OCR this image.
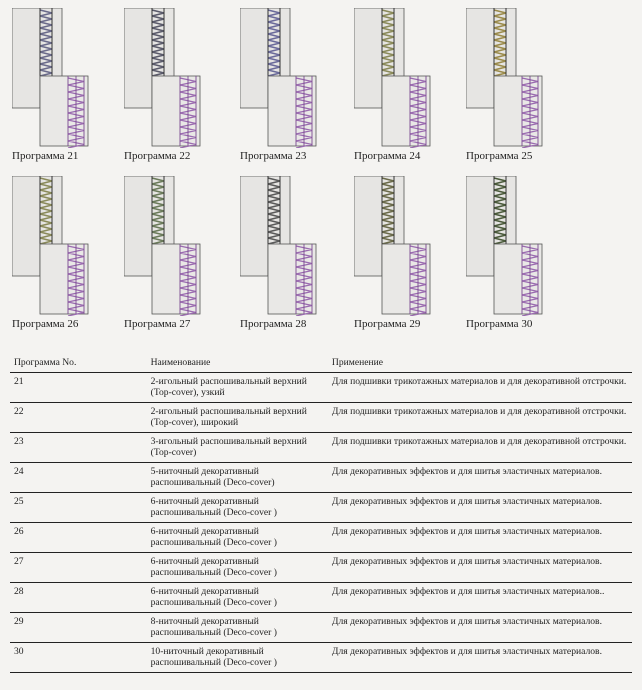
Программа 21	Программа 22	Программа 23	Программа 24	Программа 25
Программа 26	Программа 27	Программа 28	Программа 29	Программа 30
Программа No.	Наименование	Применение
21	2-игольный распошивальный верхний (Top-cover), узкий	Для подшивки трикотажных материалов и для декоративной отстрочки.
22	2-игольный распошивальный верхний (Top-cover), широкий	Для подшивки трикотажных материалов и для декоративной отстрочки.
23	3-игольный распошивальный верхний (Top-cover)	Для подшивки трикотажных материалов и для декоративной отстрочки.
24	5-ниточный декоративный распошивальный (Deco-cover)	Для декоративных эффектов и для шитья эластичных материалов.
25	6-ниточный декоративный распошивальный (Deco-cover )	Для декоративных эффектов и для шитья эластичных материалов.
26	6-ниточный декоративный распошивальный (Deco-cover )	Для декоративных эффектов и для шитья эластичных материалов.
27	6-ниточный декоративный распошивальный (Deco-cover )	Для декоративных эффектов и для шитья эластичных материалов.
28	6-ниточный декоративный распошивальный (Deco-cover )	Для декоративных эффектов и для шитья эластичных материалов..
29	8-ниточный декоративный распошивальный (Deco-cover )	Для декоративных эффектов и для шитья эластичных материалов.
30	10-ниточный декоративный распошивальный (Deco-cover )	Для декоративных эффектов и для шитья эластичных материалов.
